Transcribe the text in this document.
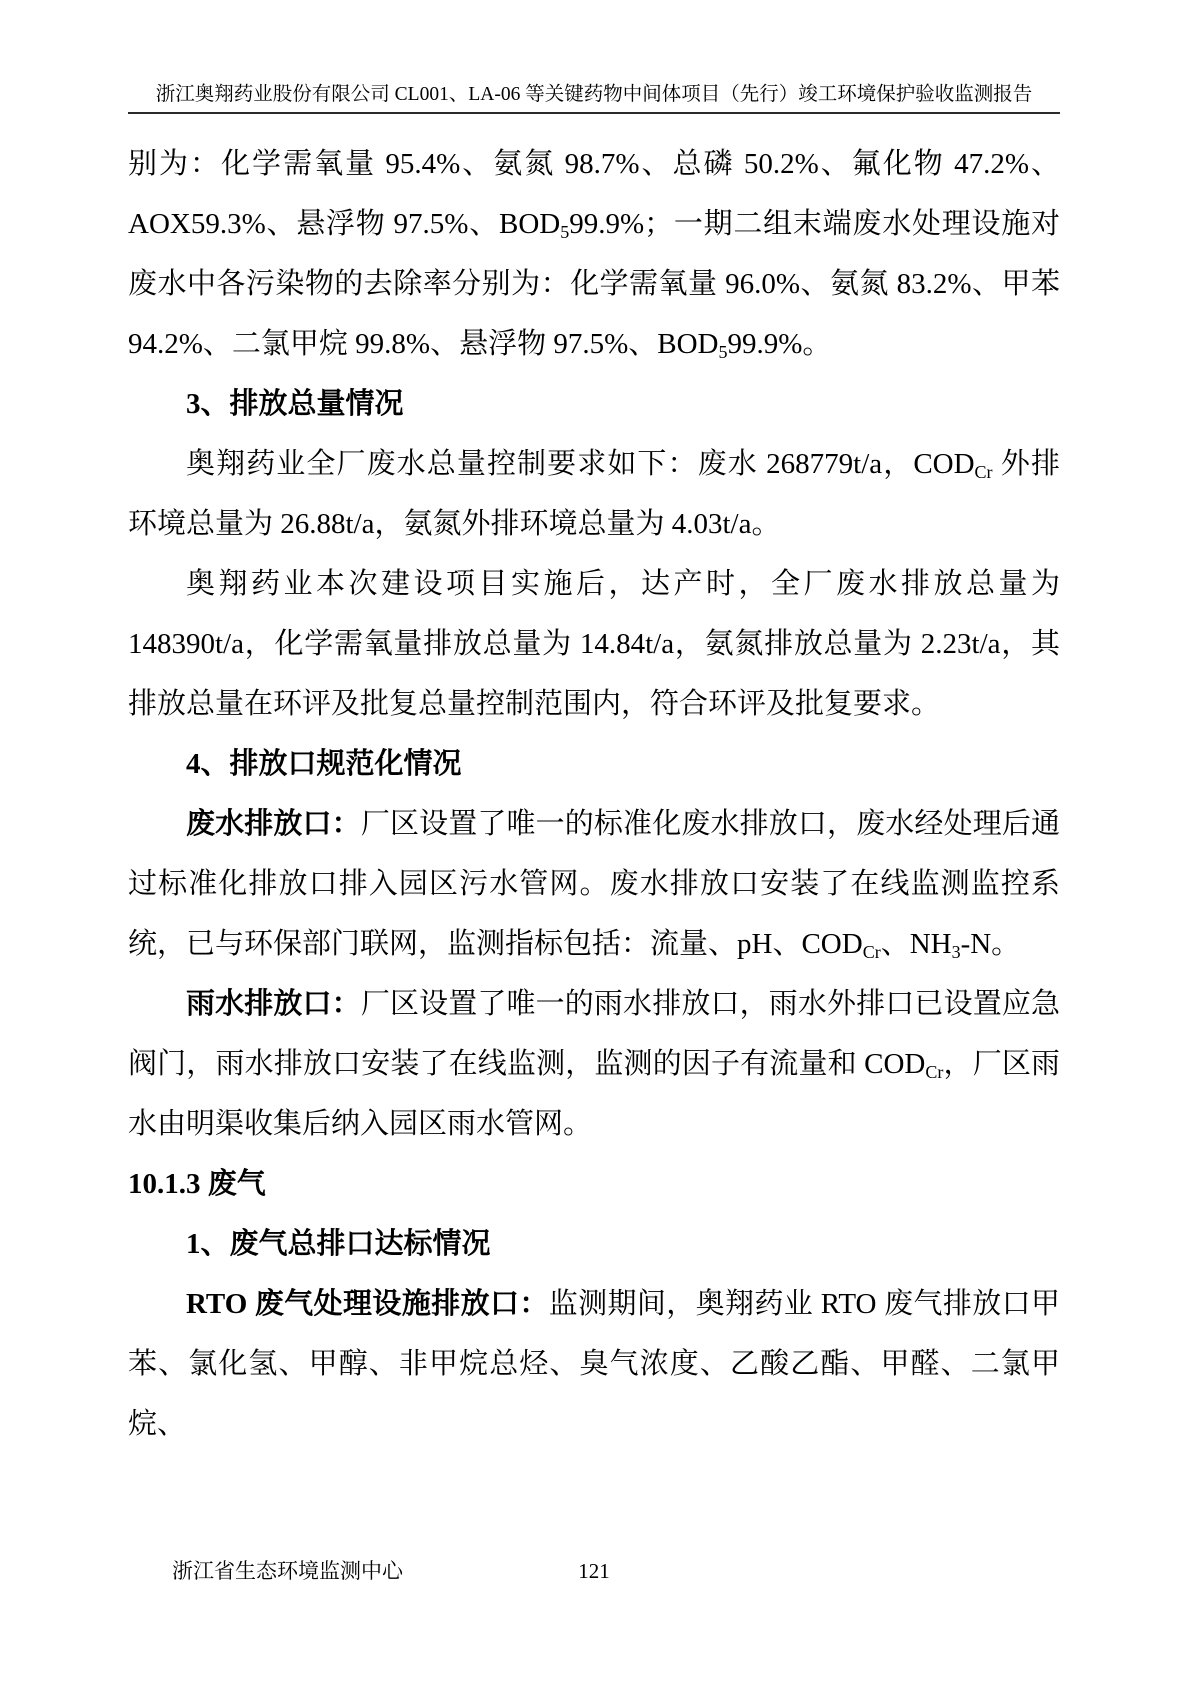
浙江奥翔药业股份有限公司 CL001、LA-06 等关键药物中间体项目（先行）竣工环境保护验收监测报告

别为：化学需氧量 95.4%、氨氮 98.7%、总磷 50.2%、氟化物 47.2%、AOX59.3%、悬浮物 97.5%、$BOD_599.9\%$；一期二组末端废水处理设施对废水中各污染物的去除率分别为：化学需氧量 96.0%、氨氮 83.2%、甲苯 94.2%、二氯甲烷 99.8%、悬浮物 97.5%、$BOD_599.9\%$。

3、排放总量情况

奥翔药业全厂废水总量控制要求如下：废水 268779t/a，$COD_{Cr}$ 外排环境总量为 26.88t/a，氨氮外排环境总量为 4.03t/a。

奥翔药业本次建设项目实施后，达产时，全厂废水排放总量为 148390t/a，化学需氧量排放总量为 14.84t/a，氨氮排放总量为 2.23t/a，其排放总量在环评及批复总量控制范围内，符合环评及批复要求。

4、排放口规范化情况

废水排放口：厂区设置了唯一的标准化废水排放口，废水经处理后通过标准化排放口排入园区污水管网。废水排放口安装了在线监测监控系统，已与环保部门联网，监测指标包括：流量、pH、$COD_{Cr}$、$NH_3-N$。

雨水排放口：厂区设置了唯一的雨水排放口，雨水外排口已设置应急阀门，雨水排放口安装了在线监测，监测的因子有流量和 $COD_{Cr}$，厂区雨水由明渠收集后纳入园区雨水管网。

10.1.3 废气

1、废气总排口达标情况

RTO 废气处理设施排放口：监测期间，奥翔药业 RTO 废气排放口甲苯、氯化氢、甲醇、非甲烷总烃、臭气浓度、乙酸乙酯、甲醛、二氯甲烷、

浙江省生态环境监测中心	121
